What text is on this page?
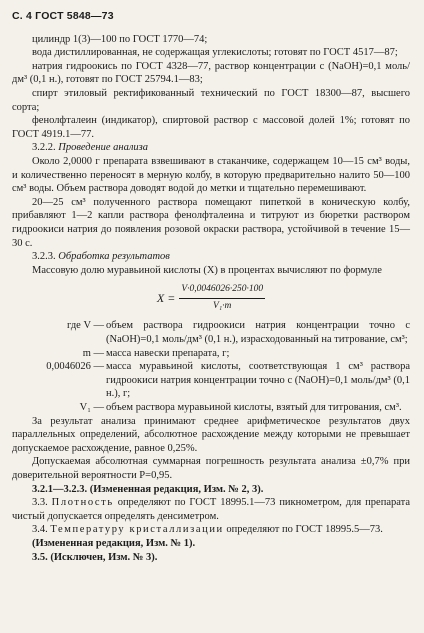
С. 4 ГОСТ 5848—73

цилиндр 1(3)—100 по ГОСТ 1770—74;

вода дистиллированная, не содержащая углекислоты; готовят по ГОСТ 4517—87;

натрия гидроокись по ГОСТ 4328—77, раствор концентрации с (NaOH)=0,1 моль/дм³ (0,1 н.), готовят по ГОСТ 25794.1—83;

спирт этиловый ректификованный технический по ГОСТ 18300—87, высшего сорта;

фенолфталеин (индикатор), спиртовой раствор с массовой долей 1%; готовят по ГОСТ 4919.1—77.

3.2.2. Проведение анализа

Около 2,0000 г препарата взвешивают в стаканчике, содержащем 10—15 см³ воды, и количественно переносят в мерную колбу, в которую предварительно налито 50—100 см³ воды. Объем раствора доводят водой до метки и тщательно перемешивают.

20—25 см³ полученного раствора помещают пипеткой в коническую колбу, прибавляют 1—2 капли раствора фенолфталеина и титруют из бюретки раствором гидроокиси натрия до появления розовой окраски раствора, устойчивой в течение 15—30 с.

3.2.3. Обработка результатов

Массовую долю муравьиной кислоты (X) в процентах вычисляют по формуле

$X = \frac{V\cdot 0,0046026\cdot 250\cdot 100}{\text{V₁·m}}$
где V — объем раствора гидроокиси натрия концентрации точно с (NaOH)=0,1 моль/дм³ (0,1 н.), израсходованный на титрование, см³;
m — масса навески препарата, г;
0,0046026 — масса муравьиной кислоты, соответствующая 1 см³ раствора гидроокиси натрия концентрации точно с (NaOH)=0,1 моль/дм³ (0,1 н.), г;
V₁ — объем раствора муравьиной кислоты, взятый для титрования, см³.

За результат анализа принимают среднее арифметическое результатов двух параллельных определений, абсолютное расхождение между которыми не превышает допускаемое расхождение, равное 0,25%.

Допускаемая абсолютная суммарная погрешность результата анализа ±0,7% при доверительной вероятности P=0,95.

3.2.1—3.2.3. (Измененная редакция, Изм. № 2, 3).

3.3. Плотность определяют по ГОСТ 18995.1—73 пикнометром, для препарата чистый допускается определять денсиметром.

3.4. Температуру кристаллизации определяют по ГОСТ 18995.5—73.

(Измененная редакция, Изм. № 1).

3.5. (Исключен, Изм. № 3).
